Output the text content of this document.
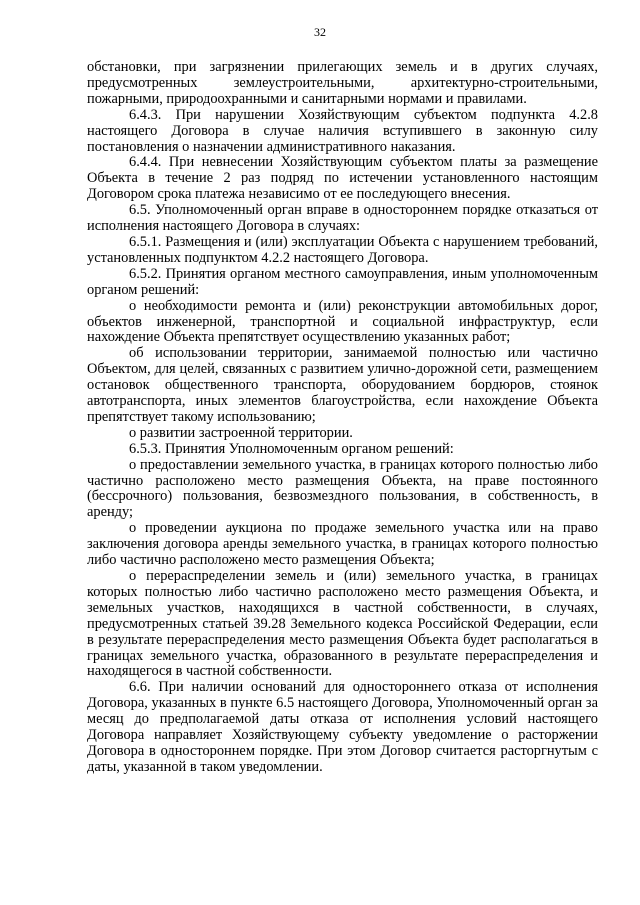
32

обстановки, при загрязнении прилегающих земель и в других случаях, предусмотренных землеустроительными, архитектурно-строительными, пожарными, природоохранными и санитарными нормами и правилами.

6.4.3. При нарушении Хозяйствующим субъектом подпункта 4.2.8 настоящего Договора в случае наличия вступившего в законную силу постановления о назначении административного наказания.

6.4.4. При невнесении Хозяйствующим субъектом платы за размещение Объекта в течение 2 раз подряд по истечении установленного настоящим Договором срока платежа независимо от ее последующего внесения.

6.5. Уполномоченный орган вправе в одностороннем порядке отказаться от исполнения настоящего Договора в случаях:

6.5.1. Размещения и (или) эксплуатации Объекта с нарушением требований, установленных подпунктом 4.2.2 настоящего Договора.

6.5.2. Принятия органом местного самоуправления, иным уполномоченным органом решений:

о необходимости ремонта и (или) реконструкции автомобильных дорог, объектов инженерной, транспортной и социальной инфраструктур, если нахождение Объекта препятствует осуществлению указанных работ;

об использовании территории, занимаемой полностью или частично Объектом, для целей, связанных с развитием улично-дорожной сети, размещением остановок общественного транспорта, оборудованием бордюров, стоянок автотранспорта, иных элементов благоустройства, если нахождение Объекта препятствует такому использованию;

о развитии застроенной территории.

6.5.3. Принятия Уполномоченным органом решений:

о предоставлении земельного участка, в границах которого полностью либо частично расположено место размещения Объекта, на праве постоянного (бессрочного) пользования, безвозмездного пользования, в собственность, в аренду;

о проведении аукциона по продаже земельного участка или на право заключения договора аренды земельного участка, в границах которого полностью либо частично расположено место размещения Объекта;

о перераспределении земель и (или) земельного участка, в границах которых полностью либо частично расположено место размещения Объекта, и земельных участков, находящихся в частной собственности, в случаях, предусмотренных статьей 39.28 Земельного кодекса Российской Федерации, если в результате перераспределения место размещения Объекта будет располагаться в границах земельного участка, образованного в результате перераспределения и находящегося в частной собственности.

6.6. При наличии оснований для одностороннего отказа от исполнения Договора, указанных в пункте 6.5 настоящего Договора, Уполномоченный орган за месяц до предполагаемой даты отказа от исполнения условий настоящего Договора направляет Хозяйствующему субъекту уведомление о расторжении Договора в одностороннем порядке. При этом Договор считается расторгнутым с даты, указанной в таком уведомлении.
